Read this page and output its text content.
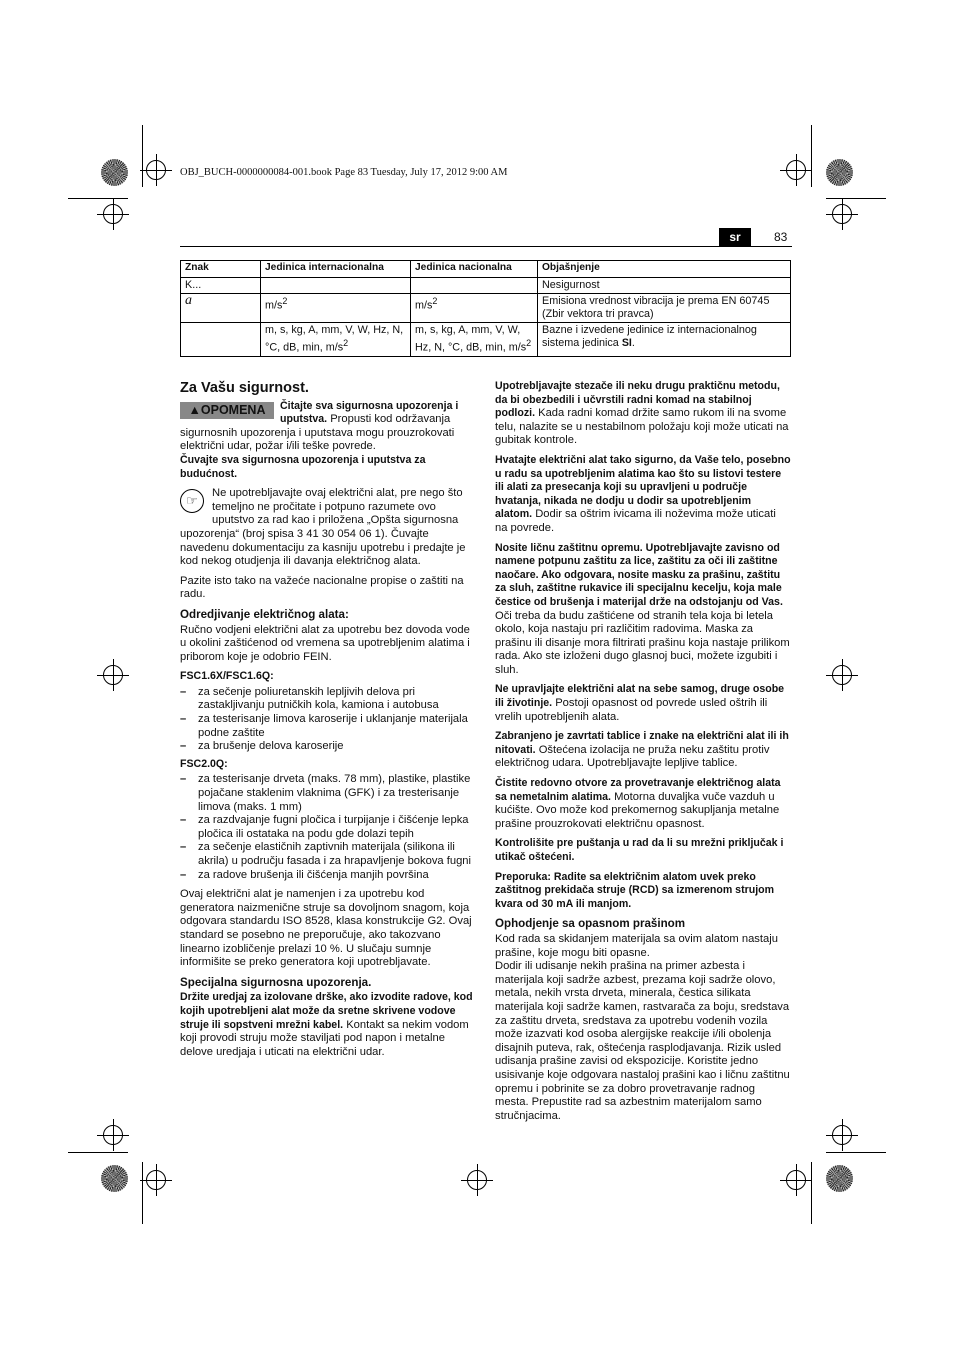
OBJ_BUCH-0000000084-001.book Page 83 Tuesday, July 17, 2012 9:00 AM
sr	83
Znak	Jedinica internacionalna	Jedinica nacionalna	Objašnjenje
K...			Nesigurnost
a	$m/s^2$	$m/s^2$	Emisiona vrednost vibracija je prema EN 60745 (Zbir vektora tri pravca)
	m, s, kg, A, mm, V, W, Hz, N, °C, dB, min, $m/s^2$	m, s, kg, A, mm, V, W, Hz, N, °C, dB, min, $m/s^2$	Bazne i izvedene jedinice iz internacionalnog sistema jedinica SI.
Za Vašu sigurnost.

▲OPOMENA	Čitajte sva sigurnosna upozorenja i uputstva. Propusti kod održavanja sigurnosnih upozorenja i uputstava mogu prouzrokovati električni udar, požar i/ili teške povrede.

Čuvajte sva sigurnosna upozorenja i uputstva za budućnost.

☞	Ne upotrebljavajte ovaj električni alat, pre nego što temeljno ne pročitate i potpuno razumete ovo uputstvo za rad kao i priložena „Opšta sigurnosna upozorenja“ (broj spisa 3 41 30 054 06 1). Čuvajte navedenu dokumentaciju za kasniju upotrebu i predajte je kod nekog otudjenja ili davanja električnog alata.

Pazite isto tako na važeće nacionalne propise o zaštiti na radu.

Odredjivanje električnog alata:

Ručno vodjeni električni alat za upotrebu bez dovoda vode u okolini zaštićenod od vremena sa upotrebljenim alatima i priborom koje je odobrio FEIN.

FSC1.6X/FSC1.6Q:
– za sečenje poliuretanskih lepljivih delova pri zastakljivanju putničkih kola, kamiona i autobusa
– za testerisanje limova karoserije i uklanjanje materijala podne zaštite
– za brušenje delova karoserije
FSC2.0Q:
– za testerisanje drveta (maks. 78 mm), plastike, plastike pojačane staklenim vlaknima (GFK) i za tresterisanje limova (maks. 1 mm)
– za razdvajanje fugni pločica i turpijanje i čišćenje lepka pločica ili ostataka na podu gde dolazi tepih
– za sečenje elastičnih zaptivnih materijala (silikona ili akrila) u području fasada i za hrapavljenje bokova fugni
– za radove brušenja ili čišćenja manjih površina

Ovaj električni alat je namenjen i za upotrebu kod generatora naizmenične struje sa dovoljnom snagom, koja odgovara standardu ISO 8528, klasa konstrukcije G2. Ovaj standard se posebno ne preporučuje, ako takozvano linearno izobličenje prelazi 10 %. U slučaju sumnje informišite se preko generatora koji upotrebljavate.

Specijalna sigurnosna upozorenja.

Držite uredjaj za izolovane drške, ako izvodite radove, kod kojih upotrebljeni alat može da sretne skrivene vodove struje ili sopstveni mrežni kabel. Kontakt sa nekim vodom koji provodi struju može staviljati pod napon i metalne delove uredjaja i uticati na električni udar.

Upotrebljavajte stezače ili neku drugu praktičnu metodu, da bi obezbedili i učvrstili radni komad na stabilnoj podlozi. Kada radni komad držite samo rukom ili na svome telu, nalazite se u nestabilnom položaju koji može uticati na gubitak kontrole.

Hvatajte električni alat tako sigurno, da Vaše telo, posebno u radu sa upotrebljenim alatima kao što su listovi testere ili alati za presecanja koji su upravljeni u područje hvatanja, nikada ne dodju u dodir sa upotrebljenim alatom. Dodir sa oštrim ivicama ili noževima može uticati na povrede.

Nosite ličnu zaštitnu opremu. Upotrebljavajte zavisno od namene potpunu zaštitu za lice, zaštitu za oči ili zaštitne naočare. Ako odgovara, nosite masku za prašinu, zaštitu za sluh, zaštitne rukavice ili specijalnu kecelju, koja male čestice od brušenja i materijal drže na odstojanju od Vas. Oči treba da budu zaštićene od stranih tela koja bi letela okolo, koja nastaju pri različitim radovima. Maska za prašinu ili disanje mora filtrirati prašinu koja nastaje prilikom rada. Ako ste izloženi dugo glasnoj buci, možete izgubiti i sluh.

Ne upravljajte električni alat na sebe samog, druge osobe ili životinje. Postoji opasnost od povrede usled oštrih ili vrelih upotrebljenih alata.

Zabranjeno je zavrtati tablice i znake na električni alat ili ih nitovati. Oštećena izolacija ne pruža neku zaštitu protiv električnog udara. Upotrebljavajte lepljive tablice.

Čistite redovno otvore za provetravanje električnog alata sa nemetalnim alatima. Motorna duvaljka vuče vazduh u kućište. Ovo može kod prekomernog sakupljanja metalne prašine prouzrokovati električnu opasnost.

Kontrolišite pre puštanja u rad da li su mrežni priključak i utikač oštećeni.

Preporuka: Radite sa električnim alatom uvek preko zaštitnog prekidača struje (RCD) sa izmerenom strujom kvara od 30 mA ili manjom.

Ophodjenje sa opasnom prašinom

Kod rada sa skidanjem materijala sa ovim alatom nastaju prašine, koje mogu biti opasne.

Dodir ili udisanje nekih prašina na primer azbesta i materijala koji sadrže azbest, prezama koji sadrže olovo, metala, nekih vrsta drveta, minerala, čestica silikata materijala koji sadrže kamen, rastvarača za boju, sredstava za zaštitu drveta, sredstava za upotrebu vodenih vozila može izazvati kod osoba alergijske reakcije i/ili obolenja disajnih puteva, rak, oštećenja rasplodjavanja. Rizik usled udisanja prašine zavisi od ekspozicije. Koristite jedno usisivanje koje odgovara nastaloj prašini kao i ličnu zaštitnu opremu i pobrinite se za dobro provetravanje radnog mesta. Prepustite rad sa azbestnim materijalom samo stručnjacima.
